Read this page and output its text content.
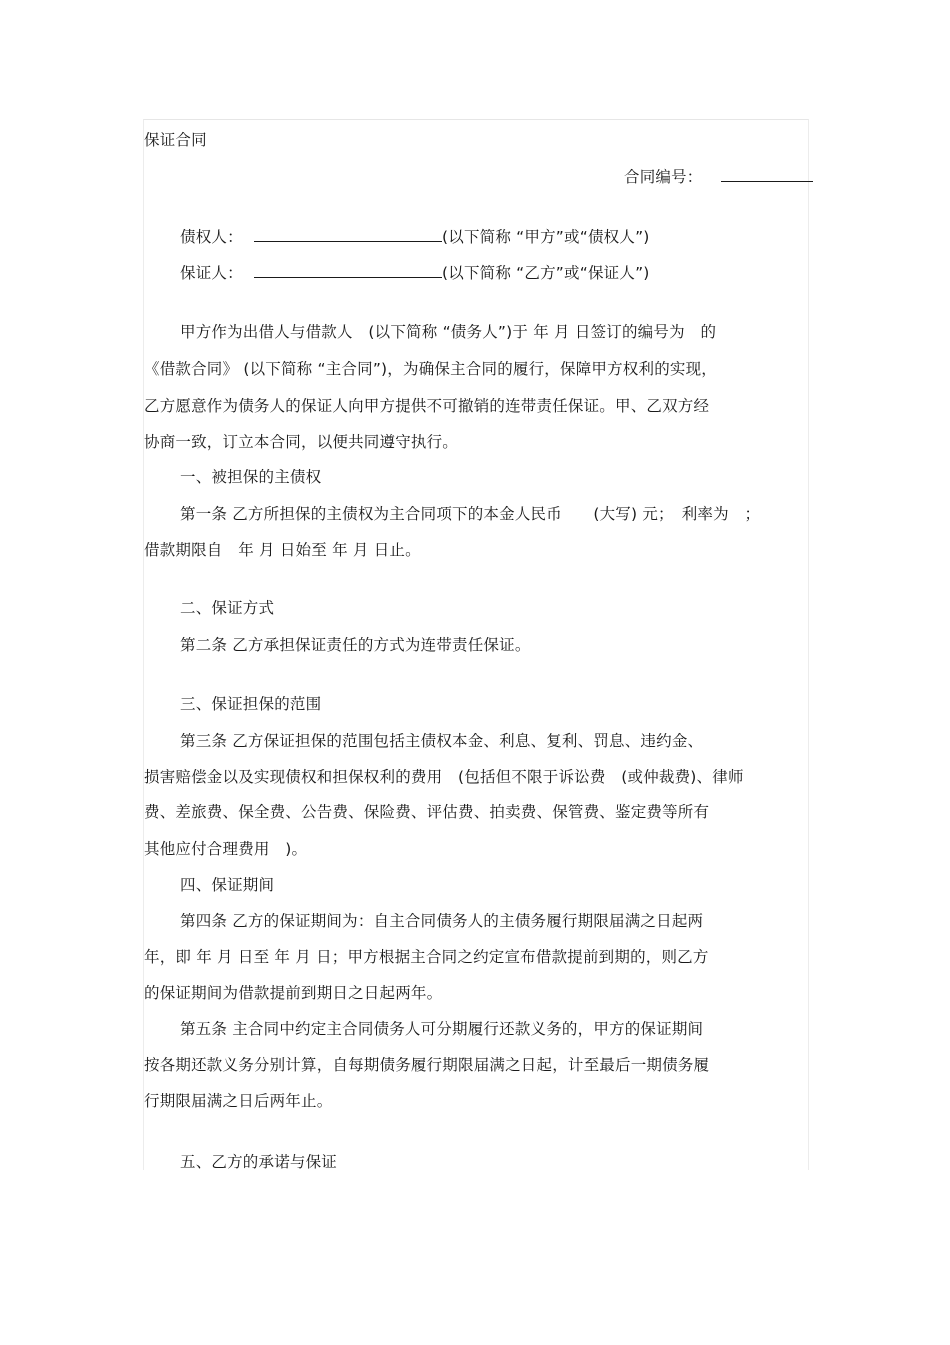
保证合同
合同编号：
债权人：	(以下简称 “甲方”或“债权人”)
保证人：	(以下简称 “乙方”或“保证人”)
甲方作为出借人与借款人　(以下简称 “债务人”)于 年 月 日签订的编号为　的
《借款合同》 (以下简称 “主合同”)，为确保主合同的履行，保障甲方权利的实现，
乙方愿意作为债务人的保证人向甲方提供不可撤销的连带责任保证。甲、乙双方经
协商一致，订立本合同，以便共同遵守执行。
一、被担保的主债权
第一条 乙方所担保的主债权为主合同项下的本金人民币　　(大写) 元；　利率为　；
借款期限自　年 月 日始至 年 月 日止。
二、保证方式
第二条 乙方承担保证责任的方式为连带责任保证。
三、保证担保的范围
第三条 乙方保证担保的范围包括主债权本金、利息、复利、罚息、违约金、
损害赔偿金以及实现债权和担保权利的费用　(包括但不限于诉讼费　(或仲裁费)、律师
费、差旅费、保全费、公告费、保险费、评估费、拍卖费、保管费、鉴定费等所有
其他应付合理费用　)。
四、保证期间
第四条 乙方的保证期间为：自主合同债务人的主债务履行期限届满之日起两
年，即 年 月 日至 年 月 日；甲方根据主合同之约定宣布借款提前到期的，则乙方
的保证期间为借款提前到期日之日起两年。
第五条 主合同中约定主合同债务人可分期履行还款义务的，甲方的保证期间
按各期还款义务分别计算，自每期债务履行期限届满之日起，计至最后一期债务履
行期限届满之日后两年止。
五、乙方的承诺与保证
